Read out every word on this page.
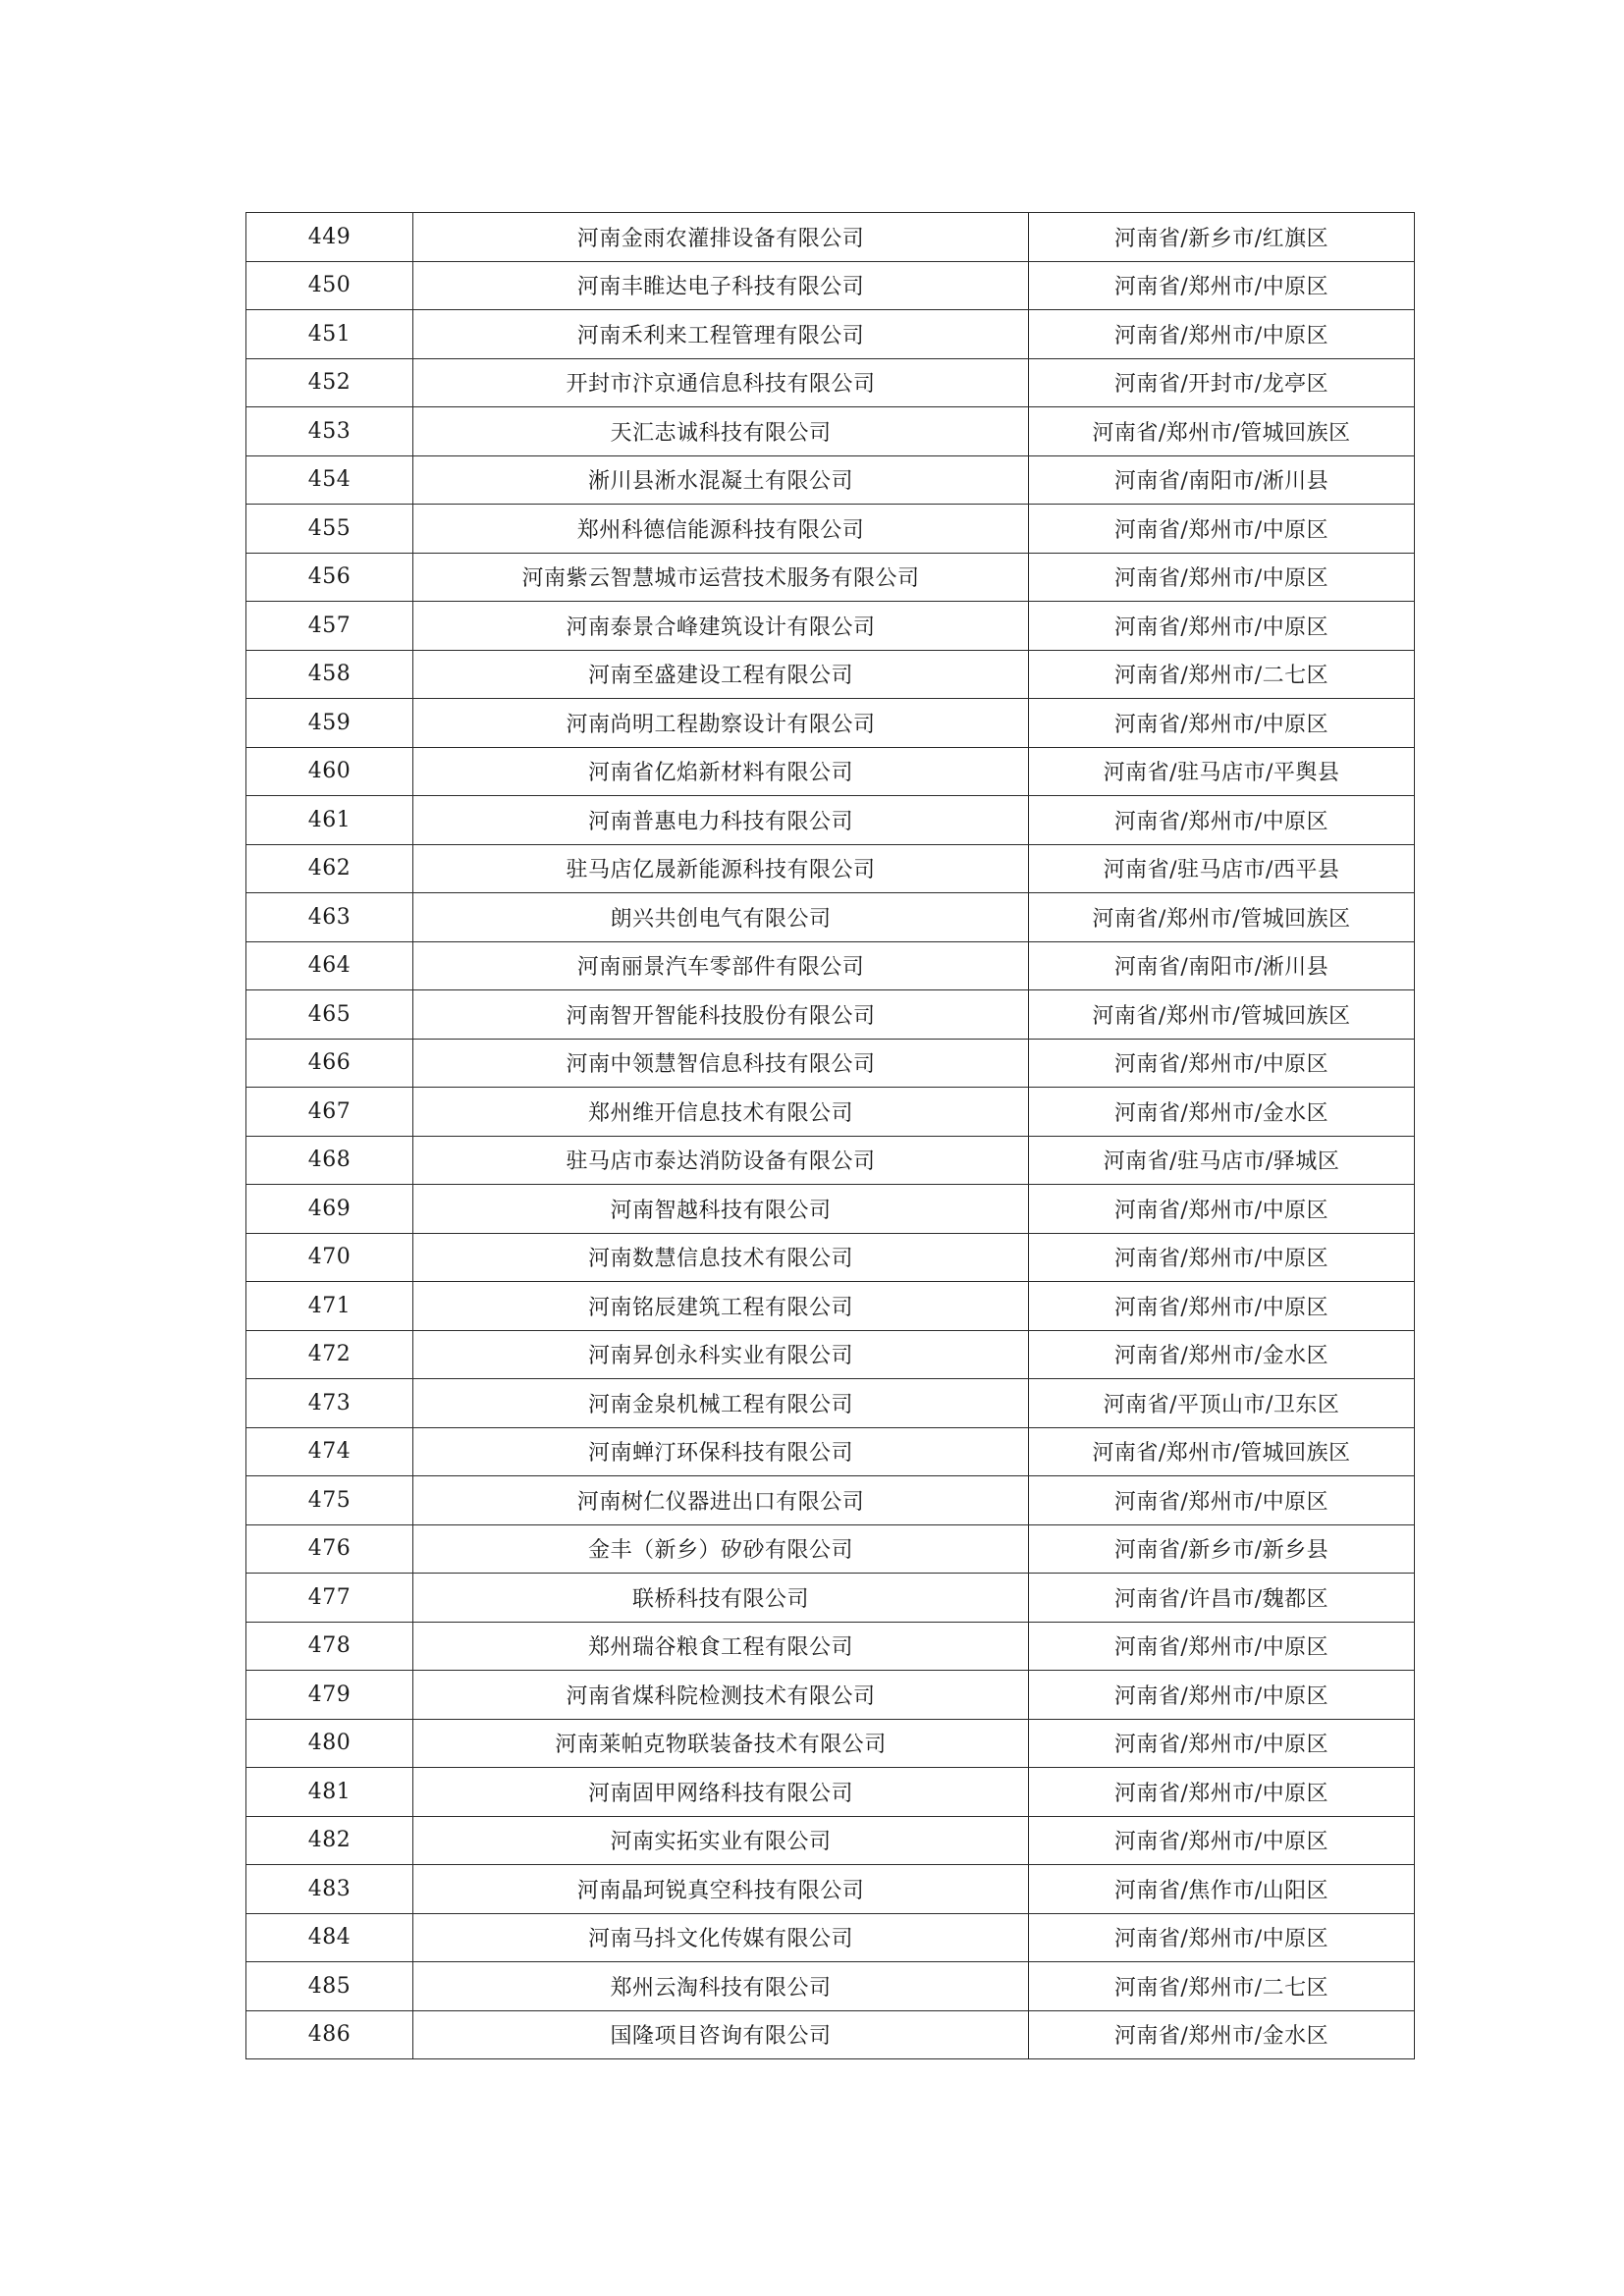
449	河南金雨农灌排设备有限公司	河南省/新乡市/红旗区
450	河南丰睢达电子科技有限公司	河南省/郑州市/中原区
451	河南禾利来工程管理有限公司	河南省/郑州市/中原区
452	开封市汴京通信息科技有限公司	河南省/开封市/龙亭区
453	天汇志诚科技有限公司	河南省/郑州市/管城回族区
454	淅川县淅水混凝土有限公司	河南省/南阳市/淅川县
455	郑州科德信能源科技有限公司	河南省/郑州市/中原区
456	河南紫云智慧城市运营技术服务有限公司	河南省/郑州市/中原区
457	河南泰景合峰建筑设计有限公司	河南省/郑州市/中原区
458	河南至盛建设工程有限公司	河南省/郑州市/二七区
459	河南尚明工程勘察设计有限公司	河南省/郑州市/中原区
460	河南省亿焰新材料有限公司	河南省/驻马店市/平舆县
461	河南普惠电力科技有限公司	河南省/郑州市/中原区
462	驻马店亿晟新能源科技有限公司	河南省/驻马店市/西平县
463	朗兴共创电气有限公司	河南省/郑州市/管城回族区
464	河南丽景汽车零部件有限公司	河南省/南阳市/淅川县
465	河南智开智能科技股份有限公司	河南省/郑州市/管城回族区
466	河南中领慧智信息科技有限公司	河南省/郑州市/中原区
467	郑州维开信息技术有限公司	河南省/郑州市/金水区
468	驻马店市泰达消防设备有限公司	河南省/驻马店市/驿城区
469	河南智越科技有限公司	河南省/郑州市/中原区
470	河南数慧信息技术有限公司	河南省/郑州市/中原区
471	河南铭辰建筑工程有限公司	河南省/郑州市/中原区
472	河南昇创永科实业有限公司	河南省/郑州市/金水区
473	河南金泉机械工程有限公司	河南省/平顶山市/卫东区
474	河南蝉汀环保科技有限公司	河南省/郑州市/管城回族区
475	河南树仁仪器进出口有限公司	河南省/郑州市/中原区
476	金丰（新乡）矽砂有限公司	河南省/新乡市/新乡县
477	联桥科技有限公司	河南省/许昌市/魏都区
478	郑州瑞谷粮食工程有限公司	河南省/郑州市/中原区
479	河南省煤科院检测技术有限公司	河南省/郑州市/中原区
480	河南莱帕克物联装备技术有限公司	河南省/郑州市/中原区
481	河南固甲网络科技有限公司	河南省/郑州市/中原区
482	河南实拓实业有限公司	河南省/郑州市/中原区
483	河南晶珂锐真空科技有限公司	河南省/焦作市/山阳区
484	河南马抖文化传媒有限公司	河南省/郑州市/中原区
485	郑州云淘科技有限公司	河南省/郑州市/二七区
486	国隆项目咨询有限公司	河南省/郑州市/金水区
